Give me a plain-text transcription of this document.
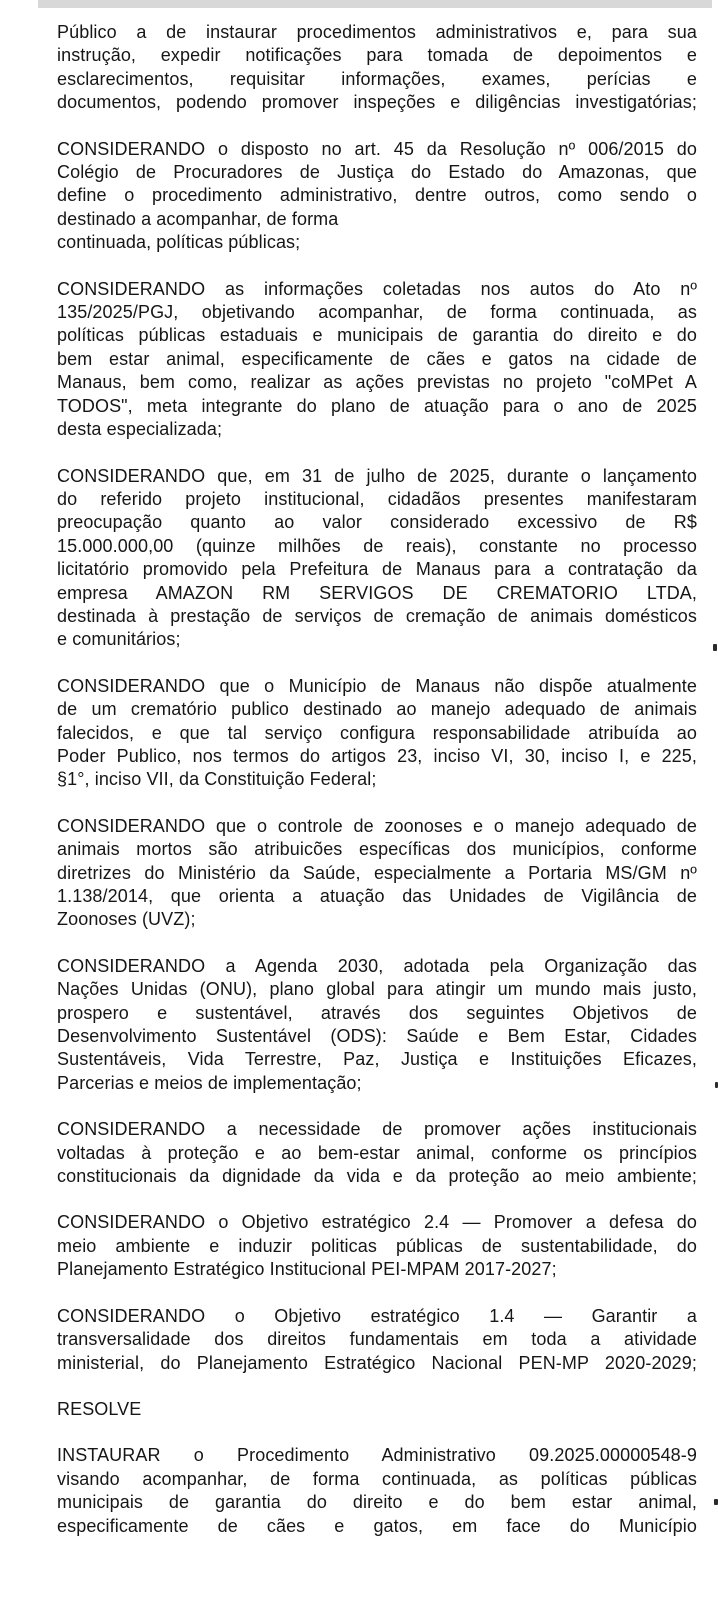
Público a de instaurar procedimentos administrativos e, para sua
instrução, expedir notificações para tomada de depoimentos e
esclarecimentos, requisitar informações, exames, perícias e
documentos, podendo promover inspeções e diligências investigatórias;
CONSIDERANDO o disposto no art. 45 da Resolução nº 006/2015 do
Colégio de Procuradores de Justiça do Estado do Amazonas, que
define o procedimento administrativo, dentre outros, como sendo o
destinado a acompanhar, de forma
continuada, políticas públicas;
CONSIDERANDO as informações coletadas nos autos do Ato nº
135/2025/PGJ, objetivando acompanhar, de forma continuada, as
políticas públicas estaduais e municipais de garantia do direito e do
bem estar animal, especificamente de cães e gatos na cidade de
Manaus, bem como, realizar as ações previstas no projeto "coMPet A
TODOS", meta integrante do plano de atuação para o ano de 2025
desta especializada;
CONSIDERANDO que, em 31 de julho de 2025, durante o lançamento
do referido projeto institucional, cidadãos presentes manifestaram
preocupação quanto ao valor considerado excessivo de R$
15.000.000,00 (quinze milhões de reais), constante no processo
licitatório promovido pela Prefeitura de Manaus para a contratação da
empresa AMAZON RM SERVIGOS DE CREMATORIO LTDA,
destinada à prestação de serviços de cremação de animais domésticos
e comunitários;
CONSIDERANDO que o Município de Manaus não dispõe atualmente
de um crematório publico destinado ao manejo adequado de animais
falecidos, e que tal serviço configura responsabilidade atribuída ao
Poder Publico, nos termos do artigos 23, inciso VI, 30, inciso I, e 225,
§1°, inciso VII, da Constituição Federal;
CONSIDERANDO que o controle de zoonoses e o manejo adequado de
animais mortos são atribuicões específicas dos municípios, conforme
diretrizes do Ministério da Saúde, especialmente a Portaria MS/GM nº
1.138/2014, que orienta a atuação das Unidades de Vigilância de
Zoonoses (UVZ);
CONSIDERANDO a Agenda 2030, adotada pela Organização das
Nações Unidas (ONU), plano global para atingir um mundo mais justo,
prospero e sustentável, através dos seguintes Objetivos de
Desenvolvimento Sustentável (ODS): Saúde e Bem Estar, Cidades
Sustentáveis, Vida Terrestre, Paz, Justiça e Instituições Eficazes,
Parcerias e meios de implementação;
CONSIDERANDO a necessidade de promover ações institucionais
voltadas à proteção e ao bem-estar animal, conforme os princípios
constitucionais da dignidade da vida e da proteção ao meio ambiente;
CONSIDERANDO o Objetivo estratégico 2.4 — Promover a defesa do
meio ambiente e induzir politicas públicas de sustentabilidade, do
Planejamento Estratégico Institucional PEI-MPAM 2017-2027;
CONSIDERANDO o Objetivo estratégico 1.4 — Garantir a
transversalidade dos direitos fundamentais em toda a atividade
ministerial, do Planejamento Estratégico Nacional PEN-MP 2020-2029;
RESOLVE
INSTAURAR o Procedimento Administrativo 09.2025.00000548-9
visando acompanhar, de forma continuada, as políticas públicas
municipais de garantia do direito e do bem estar animal,
especificamente de cães e gatos, em face do Município
